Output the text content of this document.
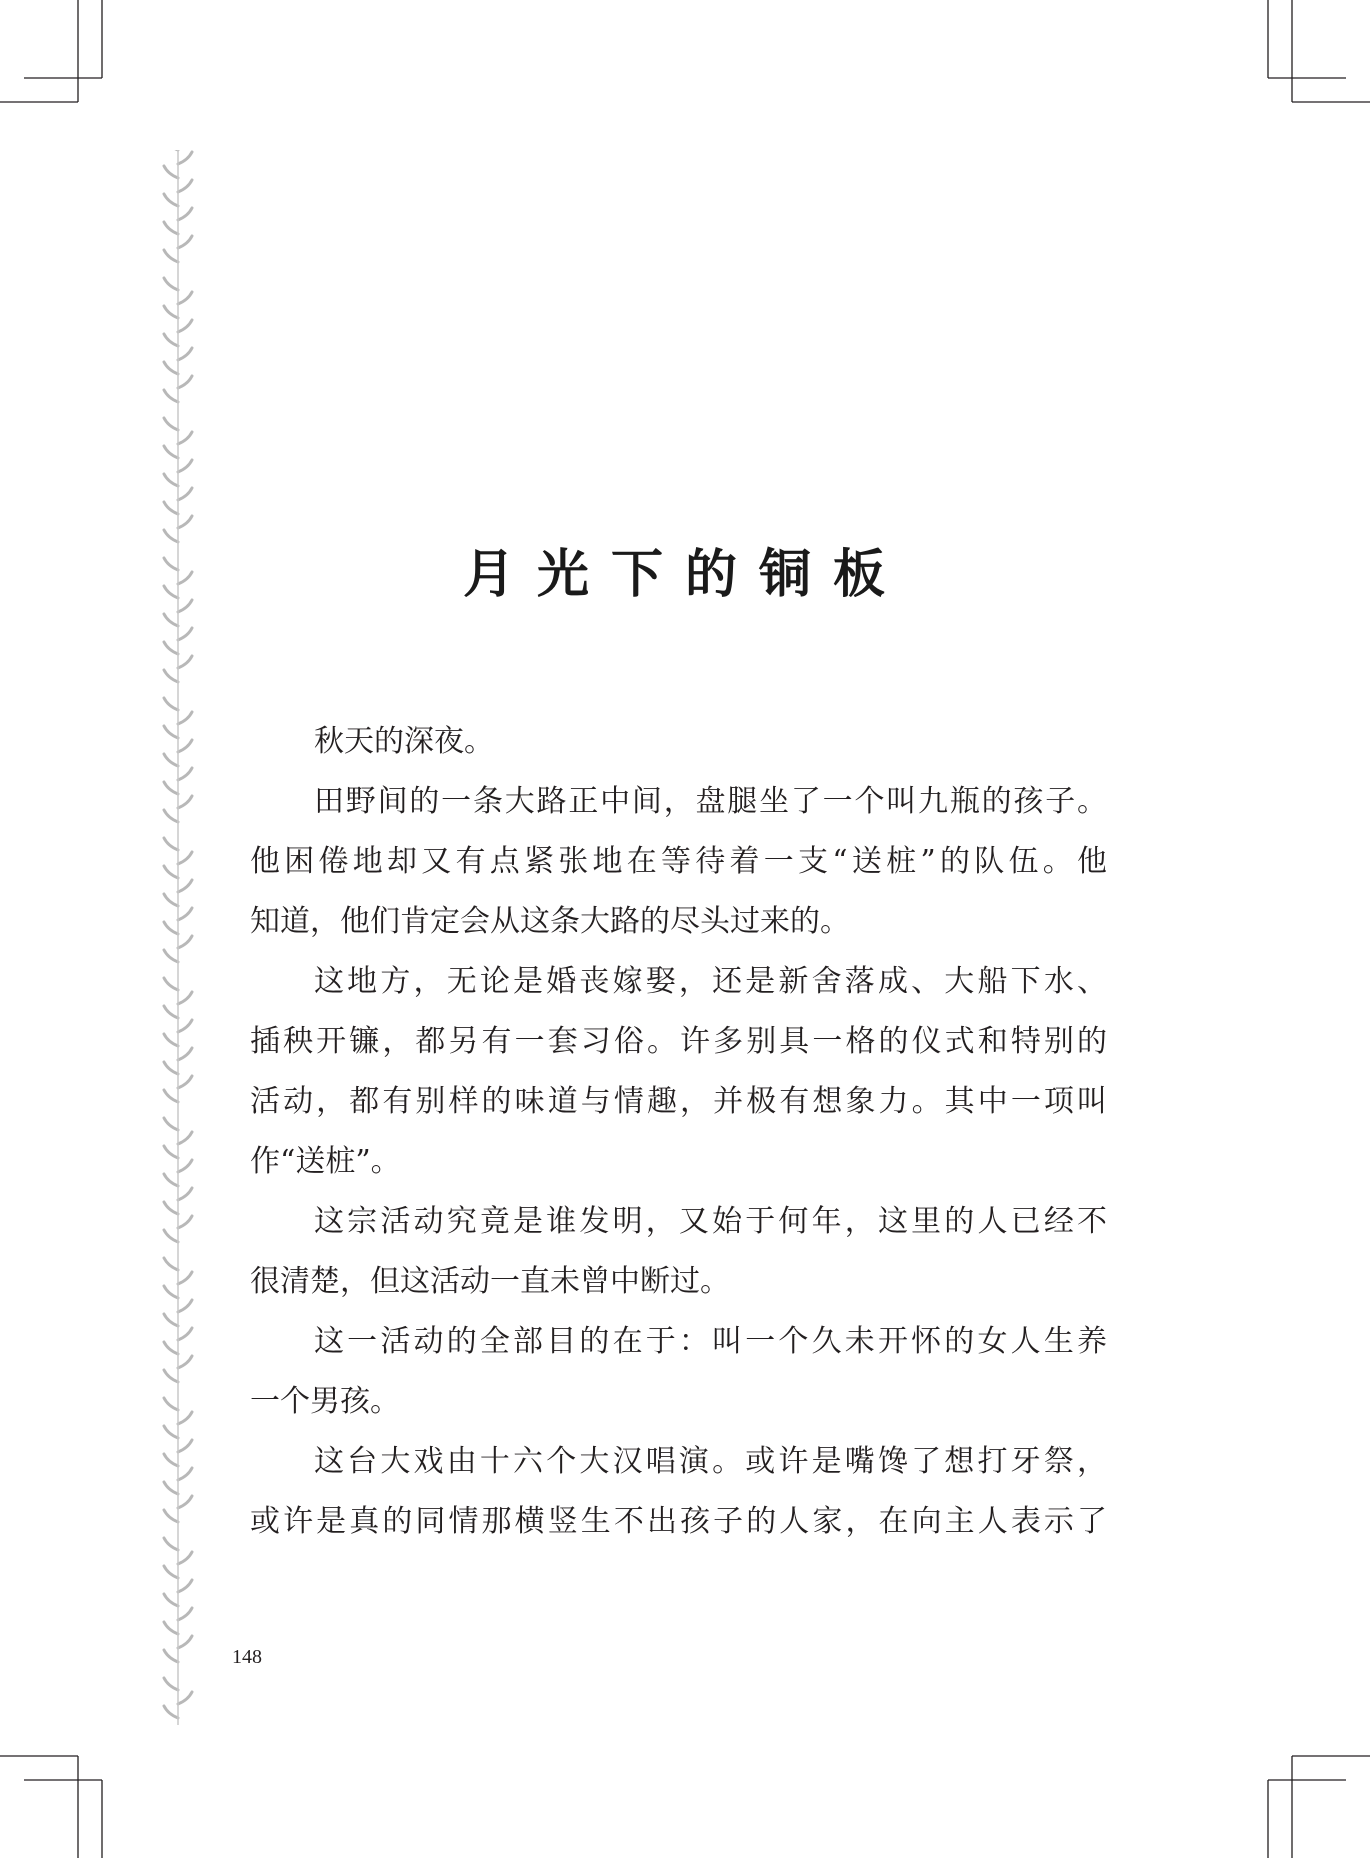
月光下的铜板
秋天的深夜。
田野间的一条大路正中间，盘腿坐了一个叫九瓶的孩子。
他困倦地却又有点紧张地在等待着一支“送桩”的队伍。他
知道，他们肯定会从这条大路的尽头过来的。
这地方，无论是婚丧嫁娶，还是新舍落成、大船下水、
插秧开镰，都另有一套习俗。许多别具一格的仪式和特别的
活动，都有别样的味道与情趣，并极有想象力。其中一项叫
作“送桩”。
这宗活动究竟是谁发明，又始于何年，这里的人已经不
很清楚，但这活动一直未曾中断过。
这一活动的全部目的在于：叫一个久未开怀的女人生养
一个男孩。
这台大戏由十六个大汉唱演。或许是嘴馋了想打牙祭，
或许是真的同情那横竖生不出孩子的人家，在向主人表示了
148
